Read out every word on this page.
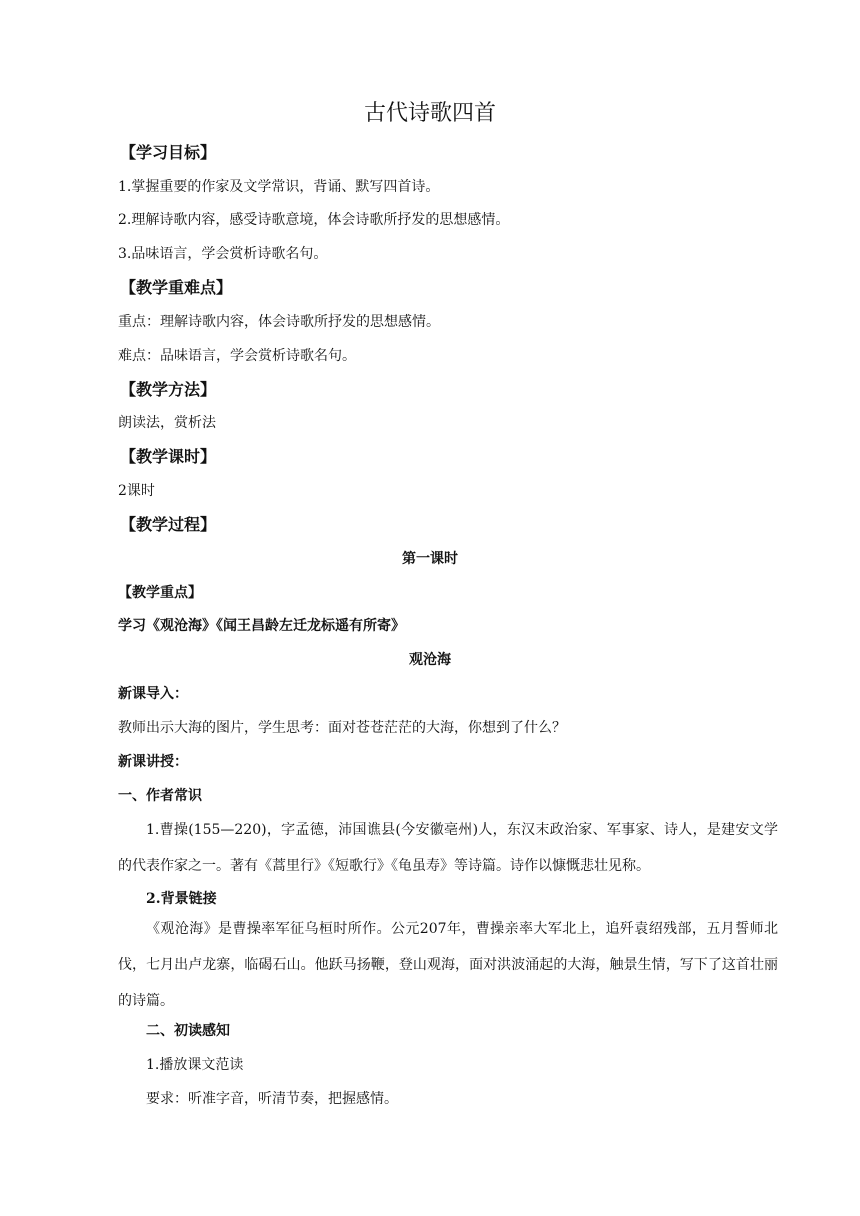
古代诗歌四首
【学习目标】
1.掌握重要的作家及文学常识，背诵、默写四首诗。
2.理解诗歌内容，感受诗歌意境，体会诗歌所抒发的思想感情。
3.品味语言，学会赏析诗歌名句。
【教学重难点】
重点：理解诗歌内容，体会诗歌所抒发的思想感情。
难点：品味语言，学会赏析诗歌名句。
【教学方法】
朗读法，赏析法
【教学课时】
2课时
【教学过程】
第一课时
【教学重点】
学习《观沧海》《闻王昌龄左迁龙标遥有所寄》
观沧海
新课导入：
教师出示大海的图片，学生思考：面对苍苍茫茫的大海，你想到了什么？
新课讲授：
一、作者常识
1.曹操(155—220)，字孟德，沛国谯县(今安徽亳州)人，东汉末政治家、军事家、诗人，是建安文学的代表作家之一。著有《蒿里行》《短歌行》《龟虽寿》等诗篇。诗作以慷慨悲壮见称。
2.背景链接
《观沧海》是曹操率军征乌桓时所作。公元207年，曹操亲率大军北上，追歼袁绍残部，五月誓师北伐，七月出卢龙寨，临碣石山。他跃马扬鞭，登山观海，面对洪波涌起的大海，触景生情，写下了这首壮丽的诗篇。
二、初读感知
1.播放课文范读
要求：听准字音，听清节奏，把握感情。
